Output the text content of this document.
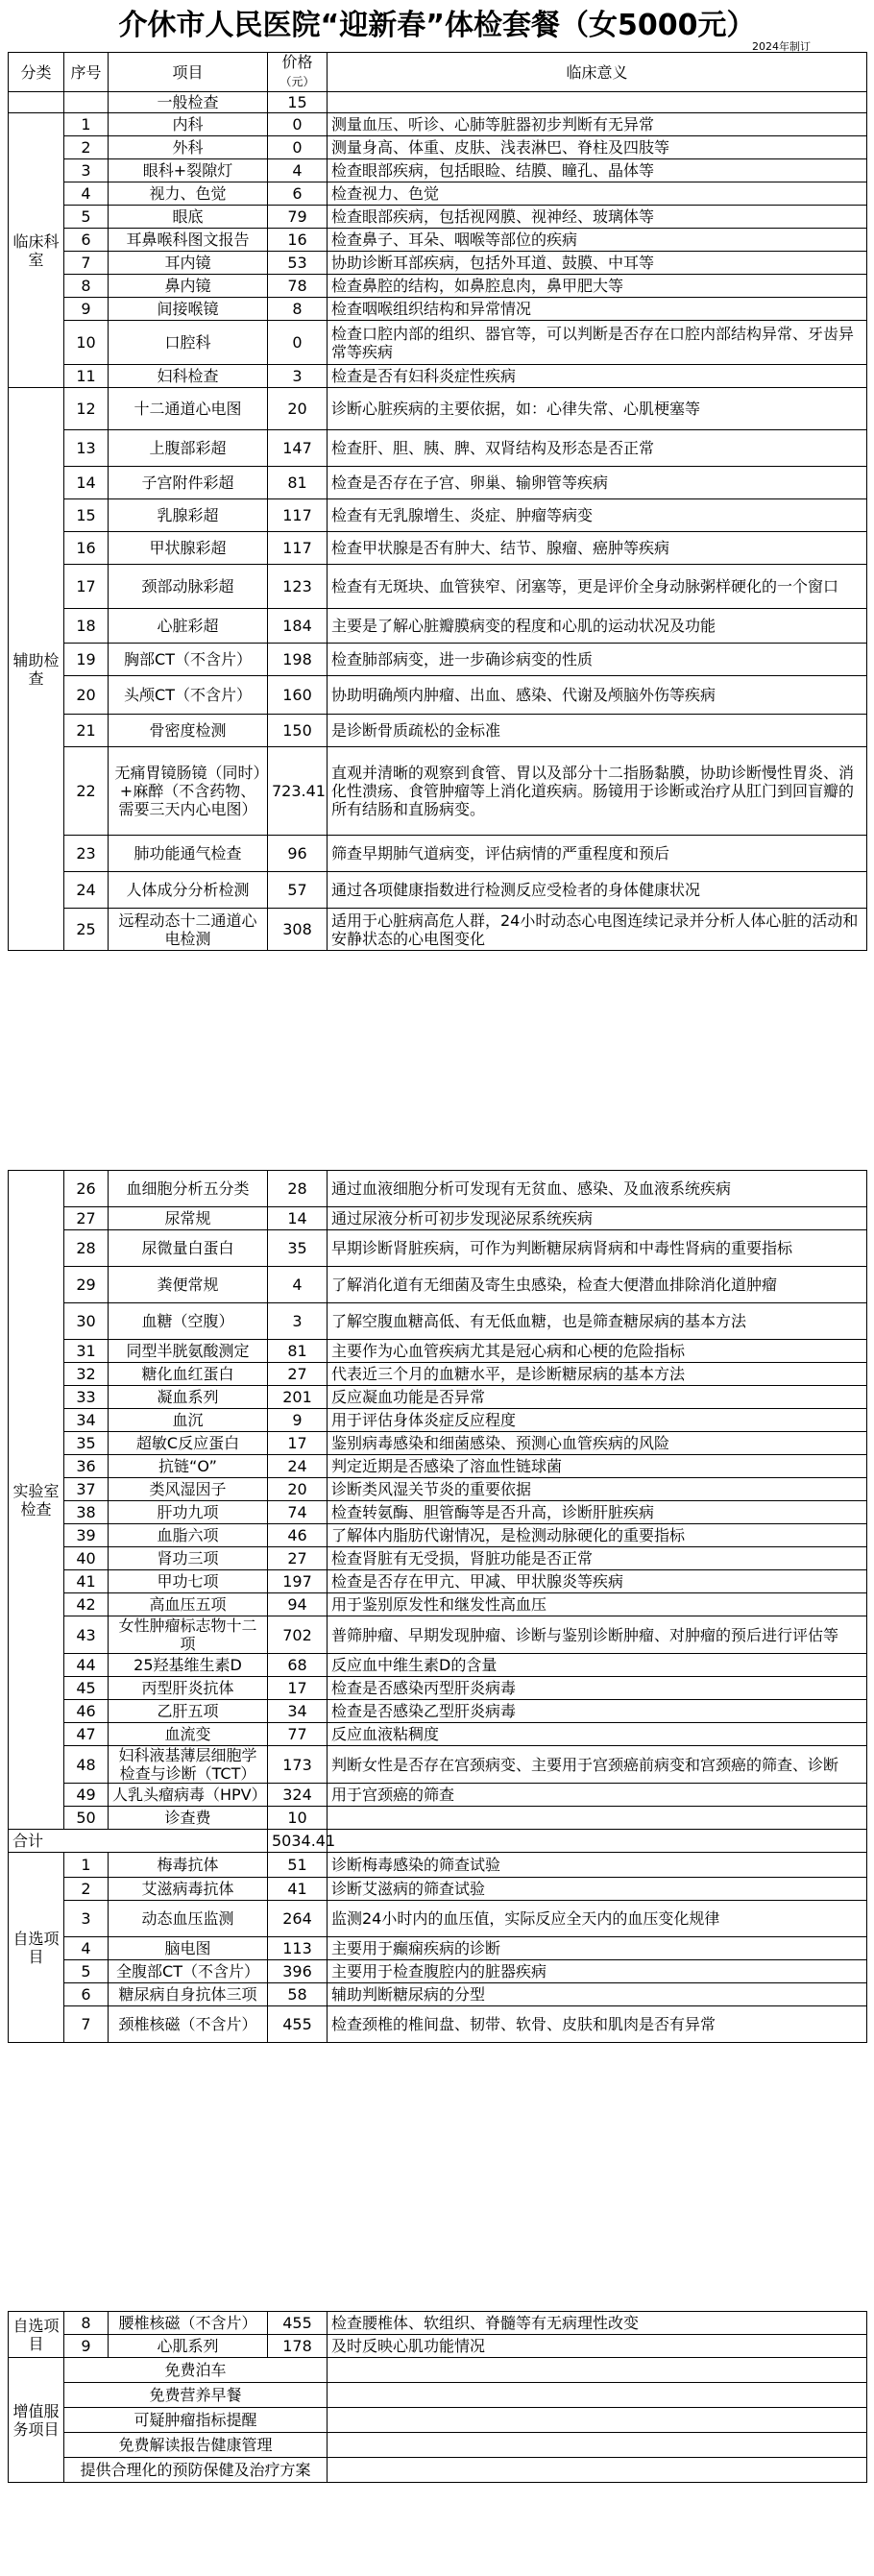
介休市人民医院“迎新春”体检套餐（女5000元）
2024年制订
分类	序号	项目	价格（元）	临床意义
		一般检查	15	
临床科室	1	内科	0	测量血压、听诊、心肺等脏器初步判断有无异常
	2	外科	0	测量身高、体重、皮肤、浅表淋巴、脊柱及四肢等
	3	眼科+裂隙灯	4	检查眼部疾病，包括眼睑、结膜、瞳孔、晶体等
	4	视力、色觉	6	检查视力、色觉
	5	眼底	79	检查眼部疾病，包括视网膜、视神经、玻璃体等
	6	耳鼻喉科图文报告	16	检查鼻子、耳朵、咽喉等部位的疾病
	7	耳内镜	53	协助诊断耳部疾病，包括外耳道、鼓膜、中耳等
	8	鼻内镜	78	检查鼻腔的结构，如鼻腔息肉，鼻甲肥大等
	9	间接喉镜	8	检查咽喉组织结构和异常情况
	10	口腔科	0	检查口腔内部的组织、器官等，可以判断是否存在口腔内部结构异常、牙齿异常等疾病
	11	妇科检查	3	检查是否有妇科炎症性疾病
辅助检查	12	十二通道心电图	20	诊断心脏疾病的主要依据，如：心律失常、心肌梗塞等
	13	上腹部彩超	147	检查肝、胆、胰、脾、双肾结构及形态是否正常
	14	子宫附件彩超	81	检查是否存在子宫、卵巢、输卵管等疾病
	15	乳腺彩超	117	检查有无乳腺增生、炎症、肿瘤等病变
	16	甲状腺彩超	117	检查甲状腺是否有肿大、结节、腺瘤、癌肿等疾病
	17	颈部动脉彩超	123	检查有无斑块、血管狭窄、闭塞等，更是评价全身动脉粥样硬化的一个窗口
	18	心脏彩超	184	主要是了解心脏瓣膜病变的程度和心肌的运动状况及功能
	19	胸部CT（不含片）	198	检查肺部病变，进一步确诊病变的性质
	20	头颅CT（不含片）	160	协助明确颅内肿瘤、出血、感染、代谢及颅脑外伤等疾病
	21	骨密度检测	150	是诊断骨质疏松的金标准
	22	无痛胃镜肠镜（同时）+麻醉（不含药物、需要三天内心电图）	723.41	直观并清晰的观察到食管、胃以及部分十二指肠黏膜，协助诊断慢性胃炎、消化性溃疡、食管肿瘤等上消化道疾病。肠镜用于诊断或治疗从肛门到回盲瓣的所有结肠和直肠病变。
	23	肺功能通气检查	96	筛查早期肺气道病变，评估病情的严重程度和预后
	24	人体成分分析检测	57	通过各项健康指数进行检测反应受检者的身体健康状况
	25	远程动态十二通道心电检测	308	适用于心脏病高危人群，24小时动态心电图连续记录并分析人体心脏的活动和安静状态的心电图变化
实验室检查	26	血细胞分析五分类	28	通过血液细胞分析可发现有无贫血、感染、及血液系统疾病
	27	尿常规	14	通过尿液分析可初步发现泌尿系统疾病
	28	尿微量白蛋白	35	早期诊断肾脏疾病，可作为判断糖尿病肾病和中毒性肾病的重要指标
	29	粪便常规	4	了解消化道有无细菌及寄生虫感染，检查大便潜血排除消化道肿瘤
	30	血糖（空腹）	3	了解空腹血糖高低、有无低血糖，也是筛查糖尿病的基本方法
	31	同型半胱氨酸测定	81	主要作为心血管疾病尤其是冠心病和心梗的危险指标
	32	糖化血红蛋白	27	代表近三个月的血糖水平，是诊断糖尿病的基本方法
	33	凝血系列	201	反应凝血功能是否异常
	34	血沉	9	用于评估身体炎症反应程度
	35	超敏C反应蛋白	17	鉴别病毒感染和细菌感染、预测心血管疾病的风险
	36	抗链“O”	24	判定近期是否感染了溶血性链球菌
	37	类风湿因子	20	诊断类风湿关节炎的重要依据
	38	肝功九项	74	检查转氨酶、胆管酶等是否升高，诊断肝脏疾病
	39	血脂六项	46	了解体内脂肪代谢情况，是检测动脉硬化的重要指标
	40	肾功三项	27	检查肾脏有无受损，肾脏功能是否正常
	41	甲功七项	197	检查是否存在甲亢、甲减、甲状腺炎等疾病
	42	高血压五项	94	用于鉴别原发性和继发性高血压
	43	女性肿瘤标志物十二项	702	普筛肿瘤、早期发现肿瘤、诊断与鉴别诊断肿瘤、对肿瘤的预后进行评估等
	44	25羟基维生素D	68	反应血中维生素D的含量
	45	丙型肝炎抗体	17	检查是否感染丙型肝炎病毒
	46	乙肝五项	34	检查是否感染乙型肝炎病毒
	47	血流变	77	反应血液粘稠度
	48	妇科液基薄层细胞学检查与诊断（TCT）	173	判断女性是否存在宫颈病变、主要用于宫颈癌前病变和宫颈癌的筛查、诊断
	49	人乳头瘤病毒（HPV）	324	用于宫颈癌的筛查
	50	诊查费	10	
合计			5034.41	
自选项目	1	梅毒抗体	51	诊断梅毒感染的筛查试验
	2	艾滋病毒抗体	41	诊断艾滋病的筛查试验
	3	动态血压监测	264	监测24小时内的血压值，实际反应全天内的血压变化规律
	4	脑电图	113	主要用于癫痫疾病的诊断
	5	全腹部CT（不含片）	396	主要用于检查腹腔内的脏器疾病
	6	糖尿病自身抗体三项	58	辅助判断糖尿病的分型
	7	颈椎核磁（不含片）	455	检查颈椎的椎间盘、韧带、软骨、皮肤和肌肉是否有异常
自选项目	8	腰椎核磁（不含片）	455	检查腰椎体、软组织、脊髓等有无病理性改变
	9	心肌系列	178	及时反映心肌功能情况
增值服务项目	免费泊车			
	免费营养早餐			
	可疑肿瘤指标提醒			
	免费解读报告健康管理			
	提供合理化的预防保健及治疗方案			
